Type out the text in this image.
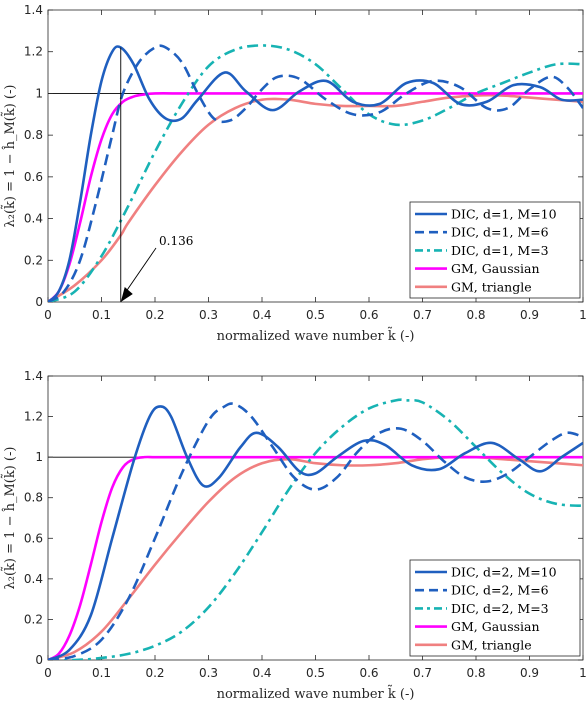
0	0.1	0.2	0.3	0.4	0.5	0.6	0.7	0.8	0.9	1
0
0.2
0.4
0.6
0.8
1
1.2
1.4
normalized wave number k̃ (-)
λ₂(k̃) = 1 − ĥ_M(k̃) (-)
0.136
DIC, d=1, M=10
DIC, d=1, M=6
DIC, d=1, M=3
GM, Gaussian
GM, triangle
0	0.1	0.2	0.3	0.4	0.5	0.6	0.7	0.8	0.9	1
0
0.2
0.4
0.6
0.8
1
1.2
1.4
normalized wave number k̃ (-)
λ₂(k̃) = 1 − ĥ_M(k̃) (-)	DIC, d=2, M=10
DIC, d=2, M=6
DIC, d=2, M=3
GM, Gaussian
GM, triangle
